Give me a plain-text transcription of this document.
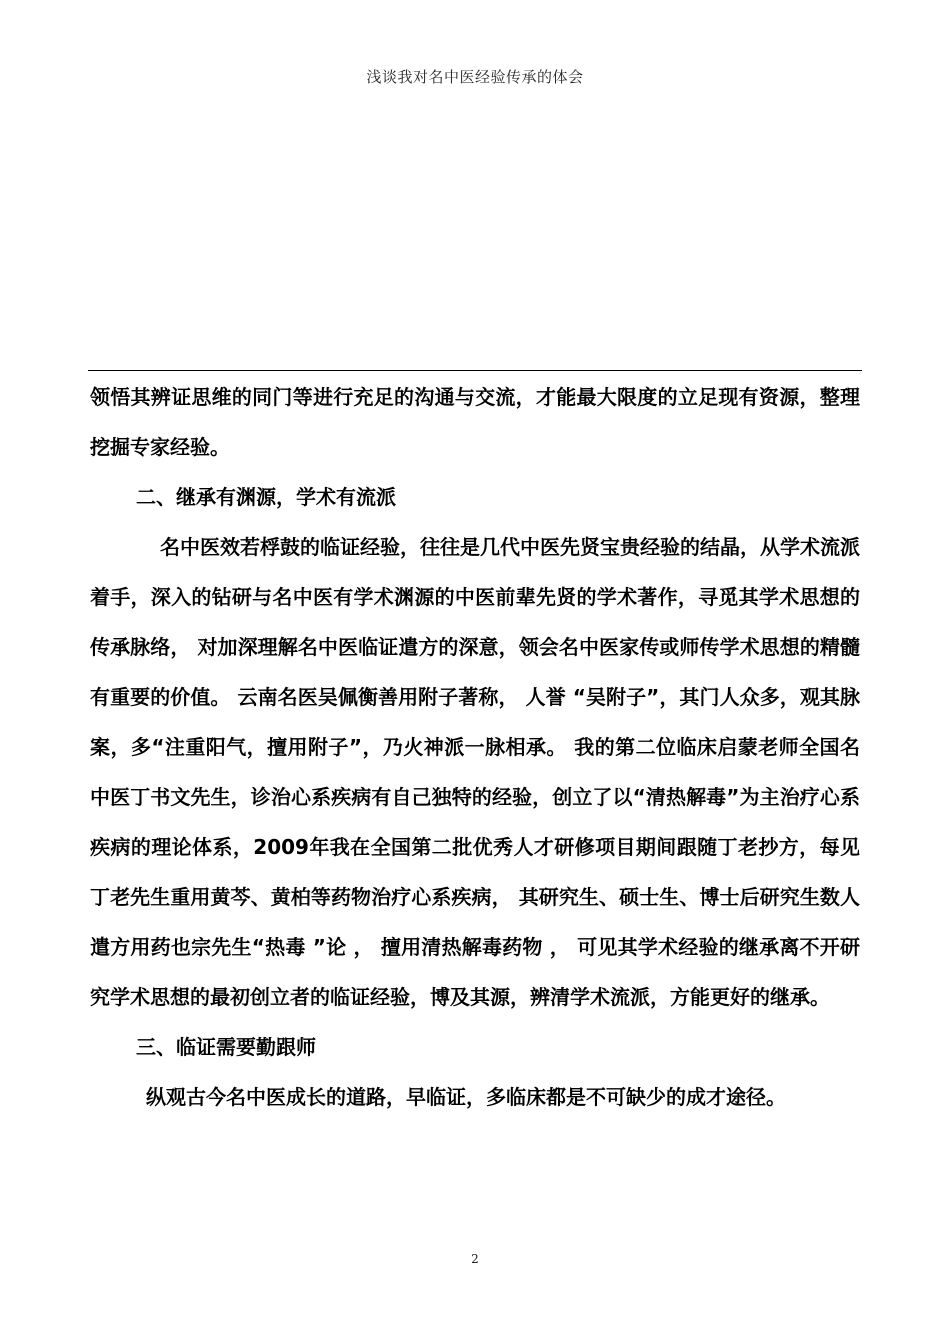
浅谈我对名中医经验传承的体会

领悟其辨证思维的同门等进行充足的沟通与交流，才能最大限度的立足现有资源，整理挖掘专家经验。

二、继承有渊源，学术有流派

名中医效若桴鼓的临证经验，往往是几代中医先贤宝贵经验的结晶，从学术流派着手，深入的钻研与名中医有学术渊源的中医前辈先贤的学术著作，寻觅其学术思想的传承脉络， 对加深理解名中医临证遣方的深意，领会名中医家传或师传学术思想的精髓有重要的价值。 云南名医吴佩衡善用附子著称， 人誉 “吴附子”，其门人众多，观其脉案，多“注重阳气，擅用附子”，乃火神派一脉相承。 我的第二位临床启蒙老师全国名中医丁书文先生，诊治心系疾病有自己独特的经验，创立了以“清热解毒”为主治疗心系疾病的理论体系，2009年我在全国第二批优秀人才研修项目期间跟随丁老抄方，每见丁老先生重用黄芩、黄柏等药物治疗心系疾病， 其研究生、硕士生、博士后研究生数人遣方用药也宗先生“热毒 ”论 ， 擅用清热解毒药物 ， 可见其学术经验的继承离不开研究学术思想的最初创立者的临证经验，博及其源，辨清学术流派，方能更好的继承。

三、临证需要勤跟师

纵观古今名中医成长的道路，早临证，多临床都是不可缺少的成才途径。

2
